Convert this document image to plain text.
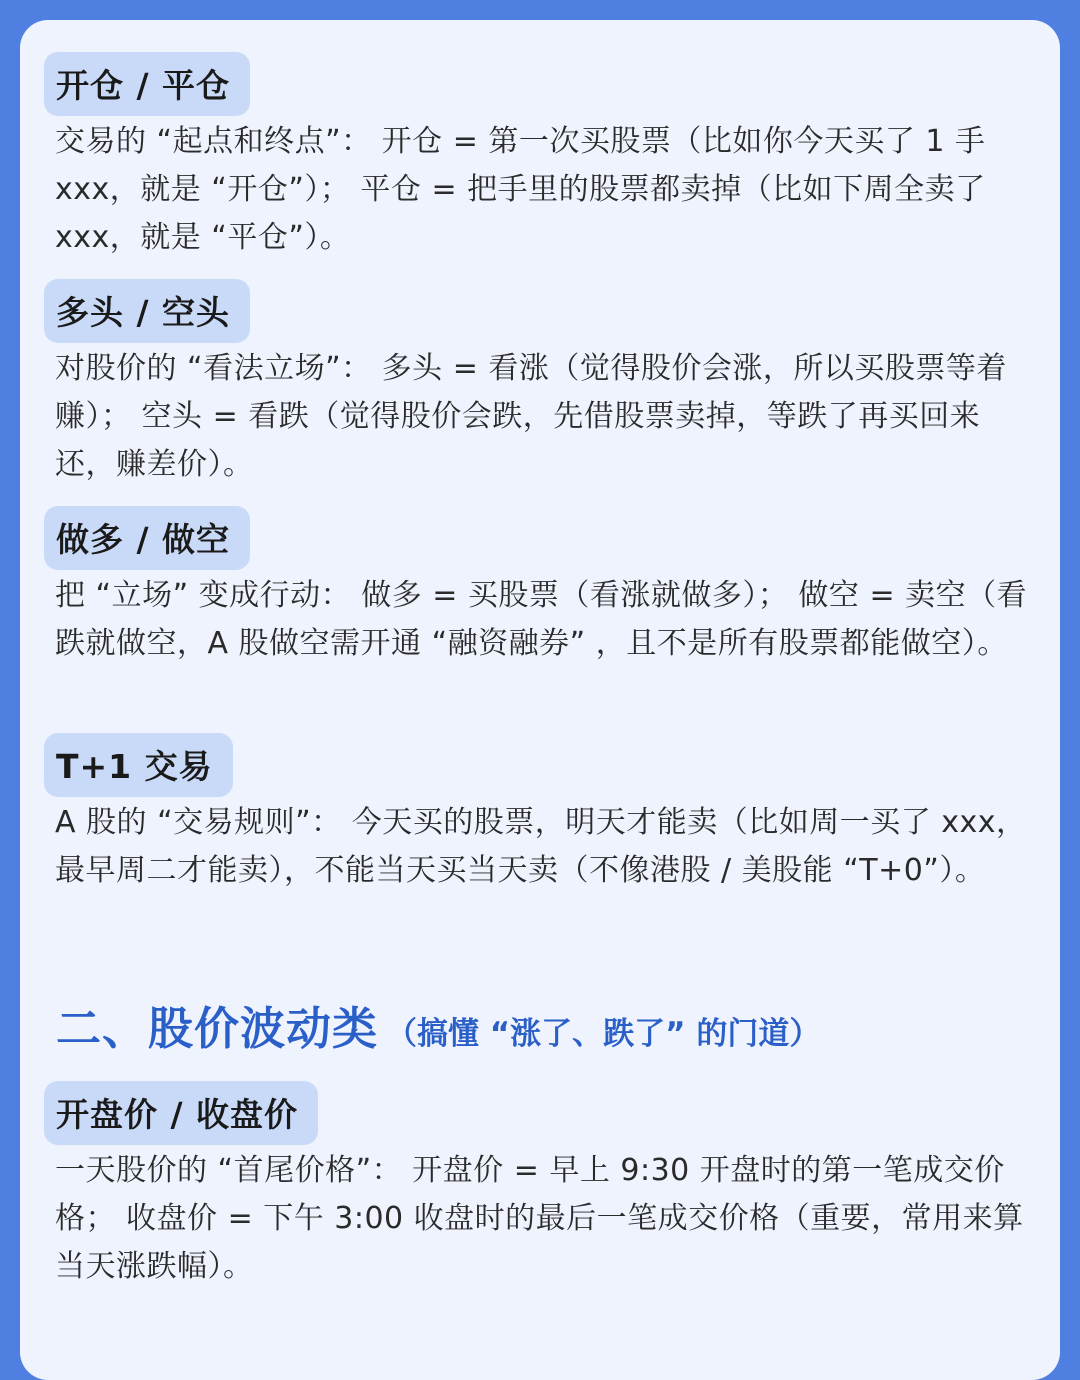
开仓 / 平仓
交易的 “起点和终点”： 开仓 = 第一次买股票（比如你今天买了 1 手 xxx，就是 “开仓”）； 平仓 = 把手里的股票都卖掉（比如下周全卖了 xxx，就是 “平仓”）。
多头 / 空头
对股价的 “看法立场”： 多头 = 看涨（觉得股价会涨，所以买股票等着赚）； 空头 = 看跌（觉得股价会跌，先借股票卖掉，等跌了再买回来还，赚差价）。
做多 / 做空
把 “立场” 变成行动： 做多 = 买股票（看涨就做多）； 做空 = 卖空（看跌就做空，A 股做空需开通 “融资融券” ，且不是所有股票都能做空）。
T+1 交易
A 股的 “交易规则”： 今天买的股票，明天才能卖（比如周一买了 xxx，最早周二才能卖），不能当天买当天卖（不像港股 / 美股能 “T+0”）。
二、股价波动类 （搞懂 “涨了、跌了” 的门道）
开盘价 / 收盘价
一天股价的 “首尾价格”： 开盘价 = 早上 9:30 开盘时的第一笔成交价格； 收盘价 = 下午 3:00 收盘时的最后一笔成交价格（重要，常用来算当天涨跌幅）。
